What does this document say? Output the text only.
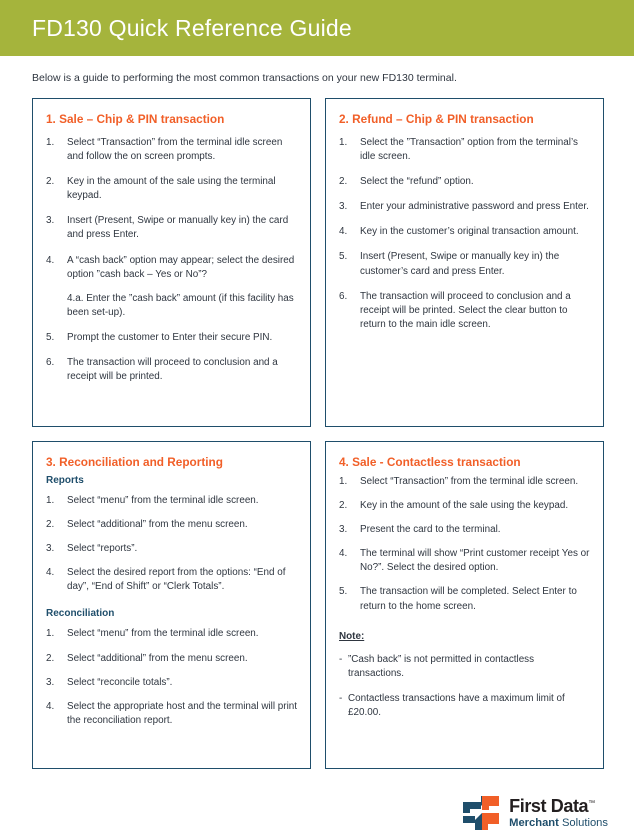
FD130 Quick Reference Guide

Below is a guide to performing the most common transactions on your new FD130 terminal.

1. Sale – Chip & PIN transaction
1.	Select “Transaction” from the terminal idle screen and follow the on screen prompts.
2.	Key in the amount of the sale using the terminal keypad.
3.	Insert (Present, Swipe or manually key in) the card and press Enter.
4.	A “cash back” option may appear; select the desired option ”cash back – Yes or No”?

4.a. Enter the ”cash back” amount (if this facility has been set-up).

5.	Prompt the customer to Enter their secure PIN.
6.	The transaction will proceed to conclusion and a receipt will be printed.
2. Refund – Chip & PIN transaction
1.	Select the ”Transaction” option from the terminal’s idle screen.
2.	Select the “refund” option.
3.	Enter your administrative password and press Enter.
4.	Key in the customer’s original transaction amount.
5.	Insert (Present, Swipe or manually key in) the customer’s card and press Enter.
6.	The transaction will proceed to conclusion and a receipt will be printed. Select the clear button to return to the main idle screen.
3. Reconciliation and Reporting
Reports
1.	Select “menu” from the terminal idle screen.
2.	Select “additional” from the menu screen.
3.	Select “reports”.
4.	Select the desired report from the options: “End of day”, “End of Shift” or “Clerk Totals”.
Reconciliation
1.	Select “menu” from the terminal idle screen.
2.	Select “additional” from the menu screen.
3.	Select “reconcile totals”.
4.	Select the appropriate host and the terminal will print the reconciliation report.
4. Sale - Contactless transaction
1.	Select “Transaction” from the terminal idle screen.
2.	Key in the amount of the sale using the keypad.
3.	Present the card to the terminal.
4.	The terminal will show “Print customer receipt Yes or No?”. Select the desired option.
5.	The transaction will be completed. Select Enter to return to the home screen.
Note:
- ”Cash back” is not permitted in contactless transactions.
- Contactless transactions have a maximum limit of £20.00.
First Data™
Merchant Solutions
